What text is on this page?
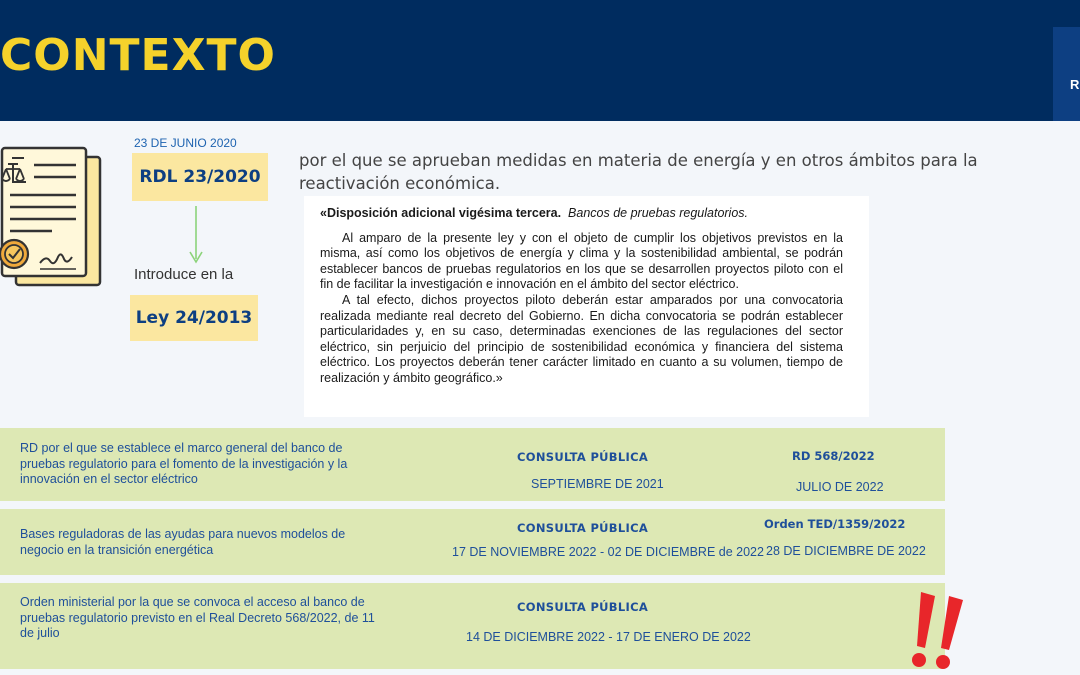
CONTEXTO
R
23 DE JUNIO 2020
RDL 23/2020
Introduce en la
Ley 24/2013
por el que se aprueban medidas en materia de energía y en otros ámbitos para la reactivación económica.

«Disposición adicional vigésima tercera. Bancos de pruebas regulatorios.

Al amparo de la presente ley y con el objeto de cumplir los objetivos previstos en la misma, así como los objetivos de energía y clima y la sostenibilidad ambiental, se podrán establecer bancos de pruebas regulatorios en los que se desarrollen proyectos piloto con el fin de facilitar la investigación e innovación en el ámbito del sector eléctrico.

A tal efecto, dichos proyectos piloto deberán estar amparados por una convocatoria realizada mediante real decreto del Gobierno. En dicha convocatoria se podrán establecer particularidades y, en su caso, determinadas exenciones de las regulaciones del sector eléctrico, sin perjuicio del principio de sostenibilidad económica y financiera del sistema eléctrico. Los proyectos deberán tener carácter limitado en cuanto a su volumen, tiempo de realización y ámbito geográfico.»

RD por el que se establece el marco general del banco de pruebas regulatorio para el fomento de la investigación y la innovación en el sector eléctrico
CONSULTA PÚBLICA
SEPTIEMBRE DE 2021
RD 568/2022
JULIO DE 2022
Bases reguladoras de las ayudas para nuevos modelos de negocio en la transición energética
CONSULTA PÚBLICA
17 DE NOVIEMBRE 2022 - 02 DE DICIEMBRE de 2022
Orden TED/1359/2022
28 DE DICIEMBRE DE 2022
Orden ministerial por la que se convoca el acceso al banco de pruebas regulatorio previsto en el Real Decreto 568/2022, de 11 de julio
CONSULTA PÚBLICA
14 DE DICIEMBRE 2022 - 17 DE ENERO DE 2022
